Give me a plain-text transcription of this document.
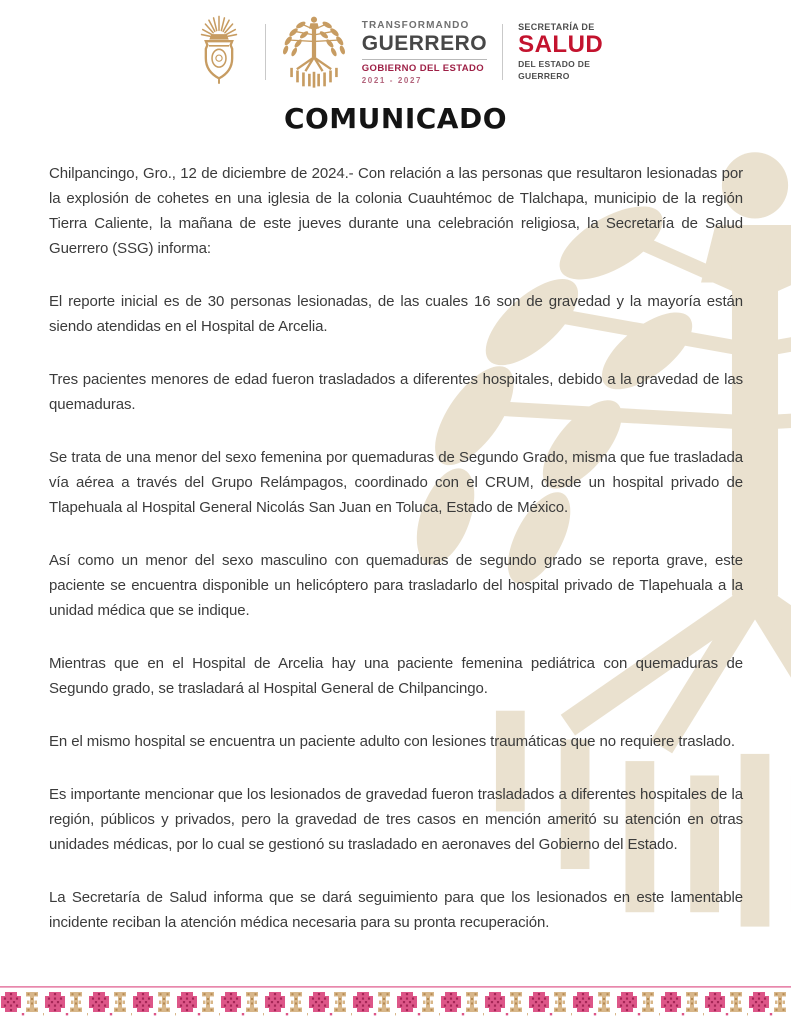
TRANSFORMANDO
GUERRERO
GOBIERNO DEL ESTADO
2021 - 2027
SECRETARÍA DE
SALUD
DEL ESTADO DE
GUERRERO
COMUNICADO

Chilpancingo, Gro., 12 de diciembre de 2024.- Con relación a las personas que resultaron lesionadas por la explosión de cohetes en una iglesia de la colonia Cuauhtémoc de Tlalchapa, municipio de la región Tierra Caliente, la mañana de este jueves durante una celebración religiosa, la Secretaría de Salud Guerrero (SSG) informa:

El reporte inicial es de 30 personas lesionadas, de las cuales 16 son de gravedad y la mayoría están siendo atendidas en el Hospital de Arcelia.

Tres pacientes menores de edad fueron trasladados a diferentes hospitales, debido a la gravedad de las quemaduras.

Se trata de una menor del sexo femenina por quemaduras de Segundo Grado, misma que fue trasladada vía aérea a través del Grupo Relámpagos, coordinado con el CRUM, desde un hospital privado de Tlapehuala al Hospital General Nicolás San Juan en Toluca, Estado de México.

Así como un menor del sexo masculino con quemaduras de segundo grado se reporta grave, este paciente se encuentra disponible un helicóptero para trasladarlo del hospital privado de Tlapehuala a la unidad médica que se indique.

Mientras que en el Hospital de Arcelia hay una paciente femenina pediátrica con quemaduras de Segundo grado, se trasladará al Hospital General de Chilpancingo.

En el mismo hospital se encuentra un paciente adulto con lesiones traumáticas que no requiere traslado.

Es importante mencionar que los lesionados de gravedad fueron trasladados a diferentes hospitales de la región, públicos y privados, pero la gravedad de tres casos en mención ameritó su atención en otras unidades médicas, por lo cual se gestionó su trasladado en aeronaves del Gobierno del Estado.

La Secretaría de Salud informa que se dará seguimiento para que los lesionados en este lamentable incidente reciban la atención médica necesaria para su pronta recuperación.
